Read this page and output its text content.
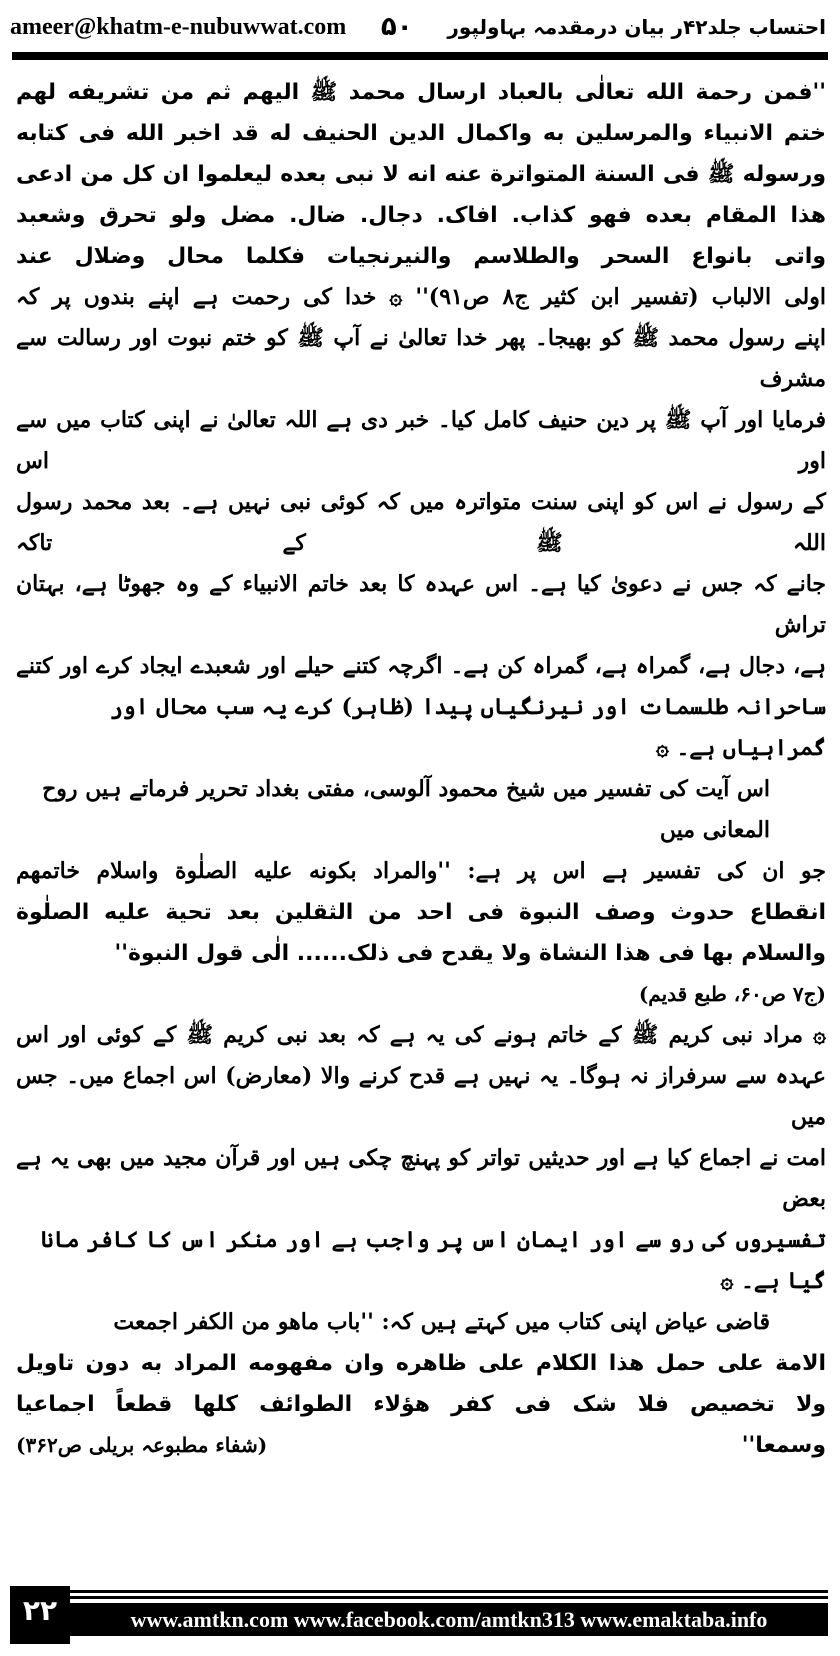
ameer@khatm-e-nubuwwat.com ۵۰ احتساب جلد۴۲ر بیان درمقدمہ بہاولپور
''فمن رحمة الله تعالٰی بالعباد ارسال محمد ﷺ الیهم ثم من تشریفه لهم
ختم الانبیاء والمرسلین به واکمال الدین الحنیف له قد اخبر الله فی کتابه
ورسوله ﷺ فی السنة المتواترة عنه انه لا نبی بعده لیعلموا ان کل من ادعی
هذا المقام بعده فهو کذاب. افاک. دجال. ضال. مضل ولو تحرق وشعبد
واتی بانواع السحر والطلاسم والنیرنجیات فکلما محال وضلال عند
اولی الالباب (تفسیر ابن کثیر ج۸ ص۹۱)'' ۞ خدا کی رحمت ہے اپنے بندوں پر کہ
اپنے رسول محمد ﷺ کو بھیجا۔ پھر خدا تعالیٰ نے آپ ﷺ کو ختم نبوت اور رسالت سے مشرف
فرمایا اور آپ ﷺ پر دین حنیف کامل کیا۔ خبر دی ہے اللہ تعالیٰ نے اپنی کتاب میں سے اور اس
کے رسول نے اس کو اپنی سنت متواترہ میں کہ کوئی نبی نہیں ہے۔ بعد محمد رسول اللہ ﷺ کے تاکہ
جانے کہ جس نے دعویٰ کیا ہے۔ اس عہدہ کا بعد خاتم الانبیاء کے وہ جھوٹا ہے، بہتان تراش
ہے، دجال ہے، گمراہ ہے، گمراہ کن ہے۔ اگرچہ کتنے حیلے اور شعبدے ایجاد کرے اور کتنے
ساحرانہ طلسمات اور نیرنگیاں پیدا (ظاہر) کرے یہ سب محال اور گمراہیاں ہے۔ ۞
اس آیت کی تفسیر میں شیخ محمود آلوسی، مفتی بغداد تحریر فرماتے ہیں روح المعانی میں
جو ان کی تفسیر ہے اس پر ہے: ''والمراد بکونه علیه الصلٰوة واسلام خاتمهم
انقطاع حدوث وصف النبوة فی احد من الثقلین بعد تحیة علیه الصلٰوة
والسلام بها فی هذا النشاة ولا یقدح فی ذلک...... الٰی قول النبوة''
(ج۷ ص۶۰، طبع قدیم)
۞ مراد نبی کریم ﷺ کے خاتم ہونے کی یہ ہے کہ بعد نبی کریم ﷺ کے کوئی اور اس
عہدہ سے سرفراز نہ ہوگا۔ یہ نہیں ہے قدح کرنے والا (معارض) اس اجماع میں۔ جس میں
امت نے اجماع کیا ہے اور حدیثیں تواتر کو پہنچ چکی ہیں اور قرآن مجید میں بھی یہ ہے بعض
تفسیروں کی رو سے اور ایمان اس پر واجب ہے اور منکر اس کا کافر مانا گیا ہے۔ ۞
قاضی عیاض اپنی کتاب میں کہتے ہیں کہ: ''باب ماهو من الکفر اجمعت
الامة علی حمل هذا الکلام علی ظاهره وان مفهومه المراد به دون تاویل
ولا تخصیص فلا شک فی کفر هؤلاء الطوائف کلها قطعاً اجماعیا
وسمعا''
(شفاء مطبوعہ بریلی ص۳۶۲)
۲۲	www.amtkn.com www.facebook.com/amtkn313 www.emaktaba.info
